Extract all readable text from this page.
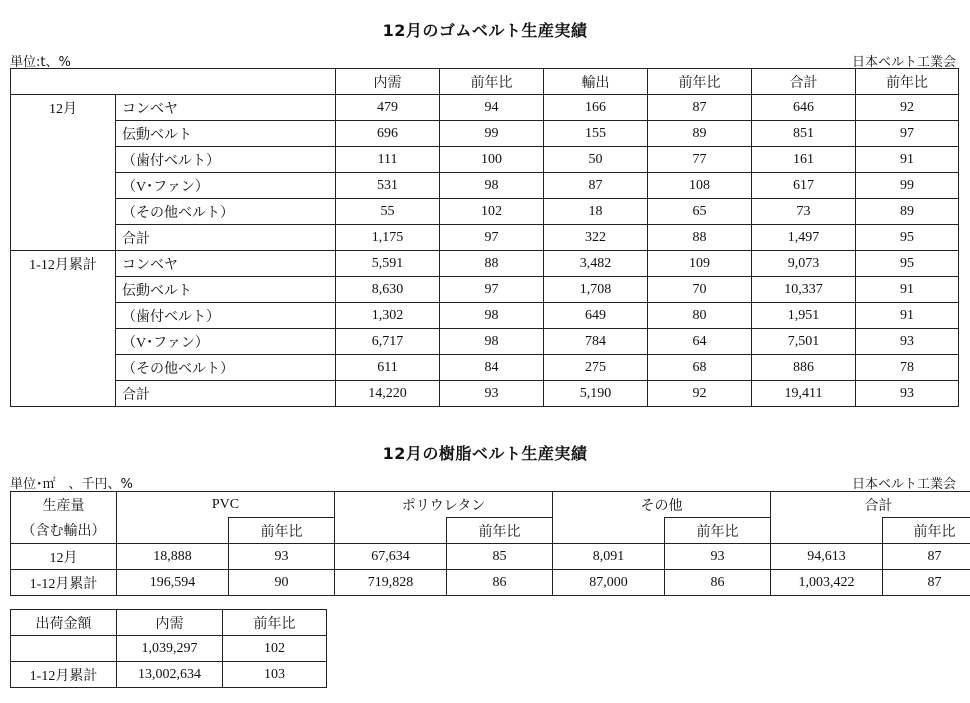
12月のゴムベルト生産実績
単位:t、%	日本ベルト工業会
		内需	前年比	輸出	前年比	合計	前年比
12月	コンベヤ	479	94	166	87	646	92
	伝動ベルト	696	99	155	89	851	97
	（歯付ベルト）	111	100	50	77	161	91
	（V･ファン）	531	98	87	108	617	99
	（その他ベルト）	55	102	18	65	73	89
	合計	1,175	97	322	88	1,497	95
1-12月累計	コンベヤ	5,591	88	3,482	109	9,073	95
	伝動ベルト	8,630	97	1,708	70	10,337	91
	（歯付ベルト）	1,302	98	649	80	1,951	91
	（V･ファン）	6,717	98	784	64	7,501	93
	（その他ベルト）	611	84	275	68	886	78
	合計	14,220	93	5,190	92	19,411	93
12月の樹脂ベルト生産実績
単位･㎡　、千円、%	日本ベルト工業会
生産量	PVC		ポリウレタン		その他		合計	
（含む輸出）		前年比		前年比		前年比		前年比
12月	18,888	93	67,634	85	8,091	93	94,613	87
1-12月累計	196,594	90	719,828	86	87,000	86	1,003,422	87
出荷金額	内需	前年比
	1,039,297	102
1-12月累計	13,002,634	103
